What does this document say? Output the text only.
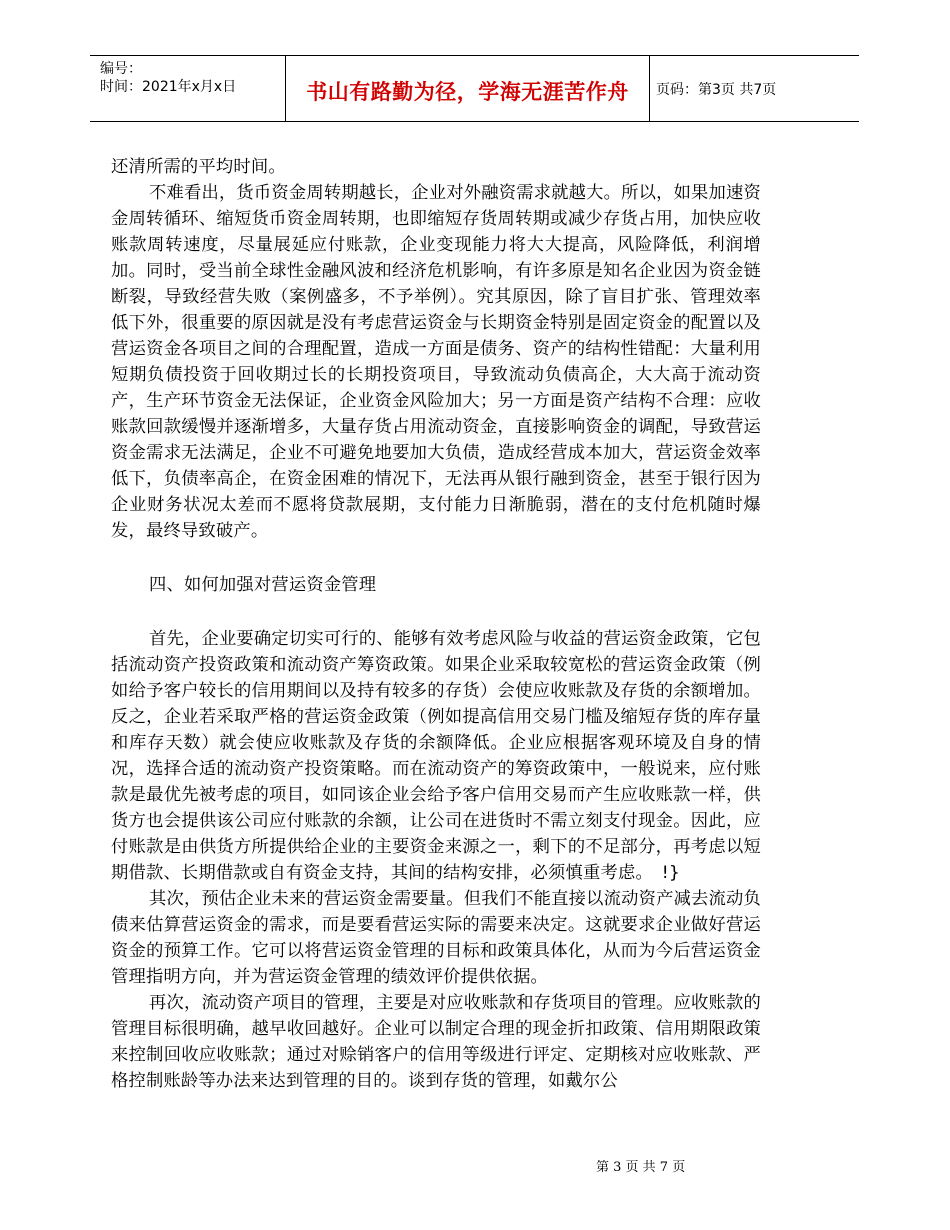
编号：
时间：2021年x月x日	书山有路勤为径，学海无涯苦作舟	页码：第3页 共7页

还清所需的平均时间。

不难看出，货币资金周转期越长，企业对外融资需求就越大。所以，如果加速资金周转循环、缩短货币资金周转期，也即缩短存货周转期或减少存货占用，加快应收账款周转速度，尽量展延应付账款，企业变现能力将大大提高，风险降低，利润增加。同时，受当前全球性金融风波和经济危机影响，有许多原是知名企业因为资金链断裂，导致经营失败（案例盛多，不予举例）。究其原因，除了盲目扩张、管理效率低下外，很重要的原因就是没有考虑营运资金与长期资金特别是固定资金的配置以及营运资金各项目之间的合理配置，造成一方面是债务、资产的结构性错配：大量利用短期负债投资于回收期过长的长期投资项目，导致流动负债高企，大大高于流动资产，生产环节资金无法保证，企业资金风险加大；另一方面是资产结构不合理：应收账款回款缓慢并逐渐增多，大量存货占用流动资金，直接影响资金的调配，导致营运资金需求无法满足，企业不可避免地要加大负债，造成经营成本加大，营运资金效率低下，负债率高企，在资金困难的情况下，无法再从银行融到资金，甚至于银行因为企业财务状况太差而不愿将贷款展期，支付能力日渐脆弱，潜在的支付危机随时爆发，最终导致破产。

四、如何加强对营运资金管理

首先，企业要确定切实可行的、能够有效考虑风险与收益的营运资金政策，它包括流动资产投资政策和流动资产筹资政策。如果企业采取较宽松的营运资金政策（例如给予客户较长的信用期间以及持有较多的存货）会使应收账款及存货的余额增加。反之，企业若采取严格的营运资金政策（例如提高信用交易门槛及缩短存货的库存量和库存天数）就会使应收账款及存货的余额降低。企业应根据客观环境及自身的情况，选择合适的流动资产投资策略。而在流动资产的筹资政策中，一般说来，应付账款是最优先被考虑的项目，如同该企业会给予客户信用交易而产生应收账款一样，供货方也会提供该公司应付账款的余额，让公司在进货时不需立刻支付现金。因此，应付账款是由供货方所提供给企业的主要资金来源之一，剩下的不足部分，再考虑以短期借款、长期借款或自有资金支持，其间的结构安排，必须慎重考虑。　!}

其次，预估企业未来的营运资金需要量。但我们不能直接以流动资产减去流动负债来估算营运资金的需求，而是要看营运实际的需要来决定。这就要求企业做好营运资金的预算工作。它可以将营运资金管理的目标和政策具体化，从而为今后营运资金管理指明方向，并为营运资金管理的绩效评价提供依据。

再次，流动资产项目的管理，主要是对应收账款和存货项目的管理。应收账款的管理目标很明确，越早收回越好。企业可以制定合理的现金折扣政策、信用期限政策来控制回收应收账款；通过对赊销客户的信用等级进行评定、定期核对应收账款、严格控制账龄等办法来达到管理的目的。谈到存货的管理，如戴尔公

第 3 页 共 7 页
